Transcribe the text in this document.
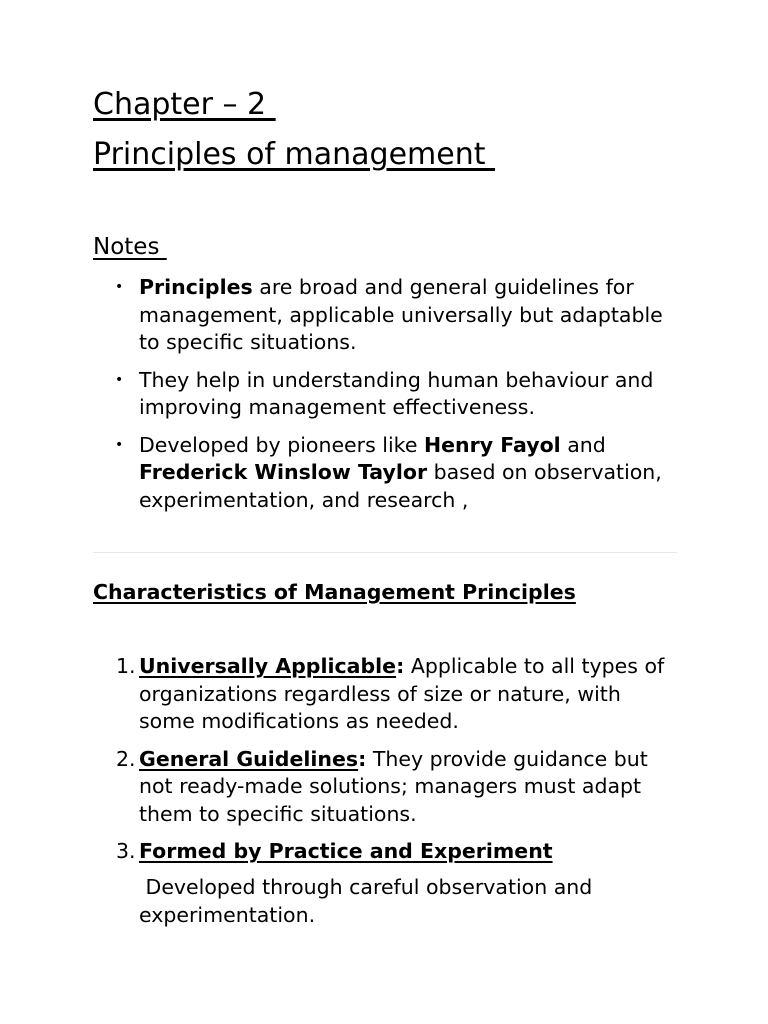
Chapter – 2
Principles of management
Notes
• Principles are broad and general guidelines for management, applicable universally but adaptable to specific situations.
• They help in understanding human behaviour and improving management effectiveness.
• Developed by pioneers like Henry Fayol and Frederick Winslow Taylor based on observation, experimentation, and research ,
Characteristics of Management Principles
1. Universally Applicable: Applicable to all types of organizations regardless of size or nature, with some modifications as needed.
2. General Guidelines: They provide guidance but not ready-made solutions; managers must adapt them to specific situations.
3. Formed by Practice and Experiment
Developed through careful observation and experimentation.
